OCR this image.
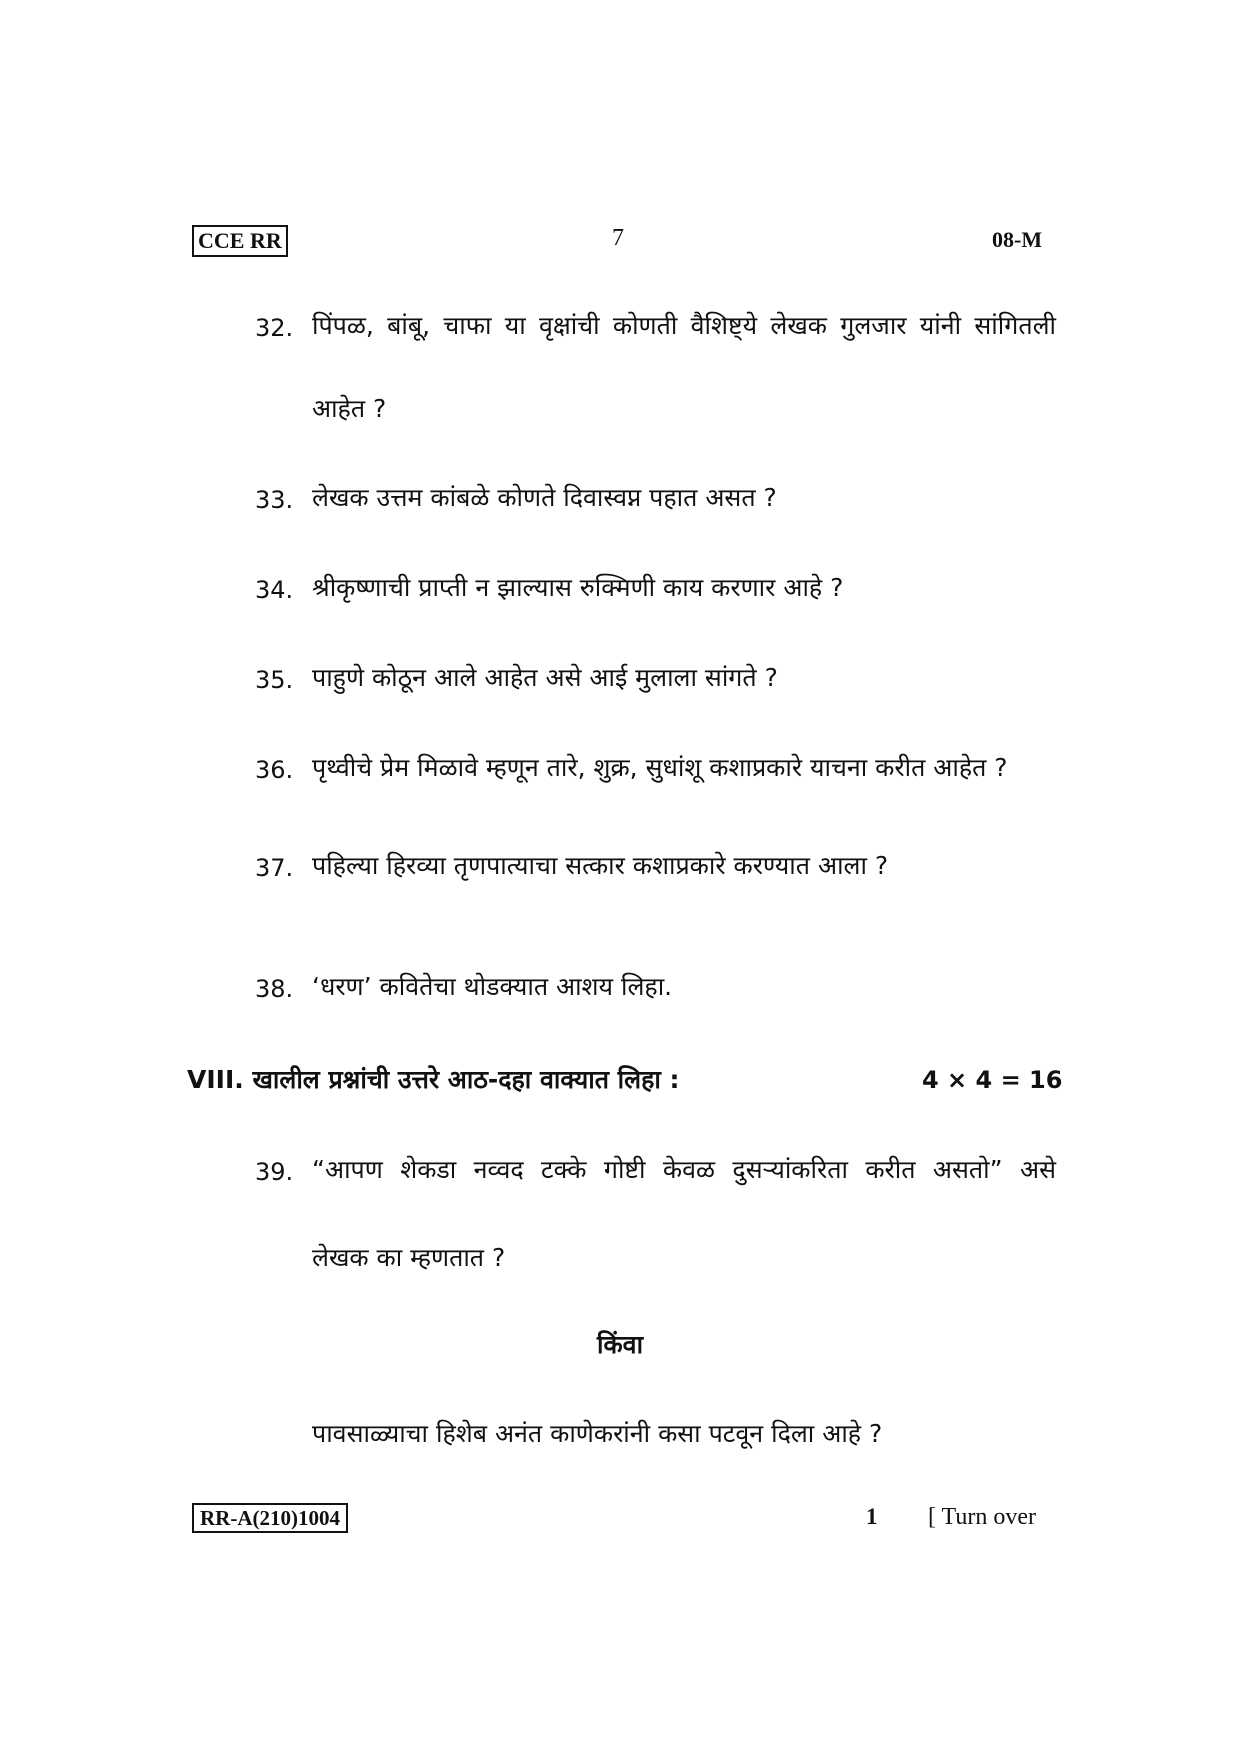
CCE RR	7	08-M
32. पिंपळ, बांबू, चाफा या वृक्षांची कोणती वैशिष्ट्ये लेखक गुलजार यांनी सांगितली
आहेत ?
33. लेखक उत्तम कांबळे कोणते दिवास्वप्न पहात असत ?
34. श्रीकृष्णाची प्राप्ती न झाल्यास रुक्मिणी काय करणार आहे ?
35. पाहुणे कोठून आले आहेत असे आई मुलाला सांगते ?
36. पृथ्वीचे प्रेम मिळावे म्हणून तारे, शुक्र, सुधांशू कशाप्रकारे याचना करीत आहेत ?
37. पहिल्या हिरव्या तृणपात्याचा सत्कार कशाप्रकारे करण्यात आला ?
38. ‘धरण’ कवितेचा थोडक्यात आशय लिहा.
VIII. खालील प्रश्नांची उत्तरे आठ-दहा वाक्यात लिहा :	4 × 4 = 16
39. “आपण शेकडा नव्वद टक्के गोष्टी केवळ दुसऱ्यांकरिता करीत असतो” असे
लेखक का म्हणतात ?
किंवा
पावसाळ्याचा हिशेब अनंत काणेकरांनी कसा पटवून दिला आहे ?
RR-A(210)1004	1 [ Turn over
